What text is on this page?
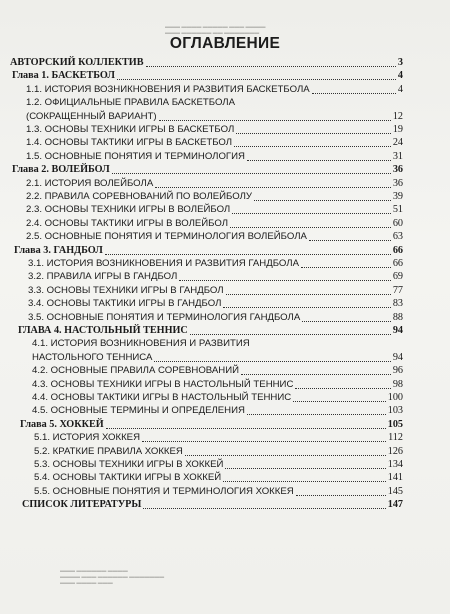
▬▬▬ ▬▬▬▬ ▬▬▬▬▬ ▬▬▬ ▬▬▬▬
▬▬▬ ▬▬▬▬▬▬ ▬▬ ▬▬▬▬▬▬▬
▬▬▬ ▬▬▬▬▬▬ ▬▬▬▬
▬▬▬▬ ▬▬▬ ▬▬▬▬▬▬ ▬▬▬▬▬▬▬
▬▬▬ ▬▬▬▬ ▬▬▬
ОГЛАВЛЕНИЕ
АВТОРСКИЙ КОЛЛЕКТИВ	3
Глава 1. БАСКЕТБОЛ	4
1.1. ИСТОРИЯ ВОЗНИКНОВЕНИЯ И РАЗВИТИЯ БАСКЕТБОЛА	4
1.2. ОФИЦИАЛЬНЫЕ ПРАВИЛА БАСКЕТБОЛА
(СОКРАЩЕННЫЙ ВАРИАНТ)	12
1.3. ОСНОВЫ ТЕХНИКИ ИГРЫ В БАСКЕТБОЛ	19
1.4. ОСНОВЫ ТАКТИКИ ИГРЫ В БАСКЕТБОЛ	24
1.5. ОСНОВНЫЕ ПОНЯТИЯ И ТЕРМИНОЛОГИЯ	31
Глава 2. ВОЛЕЙБОЛ	36
2.1. ИСТОРИЯ ВОЛЕЙБОЛА	36
2.2. ПРАВИЛА СОРЕВНОВАНИЙ ПО ВОЛЕЙБОЛУ	39
2.3. ОСНОВЫ ТЕХНИКИ ИГРЫ В ВОЛЕЙБОЛ	51
2.4. ОСНОВЫ ТАКТИКИ ИГРЫ В ВОЛЕЙБОЛ	60
2.5. ОСНОВНЫЕ ПОНЯТИЯ И ТЕРМИНОЛОГИЯ ВОЛЕЙБОЛА	63
Глава 3. ГАНДБОЛ	66
3.1. ИСТОРИЯ ВОЗНИКНОВЕНИЯ И РАЗВИТИЯ ГАНДБОЛА	66
3.2. ПРАВИЛА ИГРЫ В ГАНДБОЛ	69
3.3. ОСНОВЫ ТЕХНИКИ ИГРЫ В ГАНДБОЛ	77
3.4. ОСНОВЫ ТАКТИКИ ИГРЫ В ГАНДБОЛ	83
3.5. ОСНОВНЫЕ ПОНЯТИЯ И ТЕРМИНОЛОГИЯ ГАНДБОЛА	88
ГЛАВА 4. НАСТОЛЬНЫЙ ТЕННИС	94
4.1. ИСТОРИЯ ВОЗНИКНОВЕНИЯ И РАЗВИТИЯ
НАСТОЛЬНОГО ТЕННИСА	94
4.2. ОСНОВНЫЕ ПРАВИЛА СОРЕВНОВАНИЙ	96
4.3. ОСНОВЫ ТЕХНИКИ ИГРЫ В НАСТОЛЬНЫЙ ТЕННИС	98
4.4. ОСНОВЫ ТАКТИКИ ИГРЫ В НАСТОЛЬНЫЙ ТЕННИС	100
4.5. ОСНОВНЫЕ ТЕРМИНЫ И ОПРЕДЕЛЕНИЯ	103
Глава 5. ХОККЕЙ	105
5.1. ИСТОРИЯ ХОККЕЯ	112
5.2. КРАТКИЕ ПРАВИЛА ХОККЕЯ	126
5.3. ОСНОВЫ ТЕХНИКИ ИГРЫ В ХОККЕЙ	134
5.4. ОСНОВЫ ТАКТИКИ ИГРЫ В ХОККЕЙ	141
5.5. ОСНОВНЫЕ ПОНЯТИЯ И ТЕРМИНОЛОГИЯ ХОККЕЯ	145
СПИСОК ЛИТЕРАТУРЫ	147
